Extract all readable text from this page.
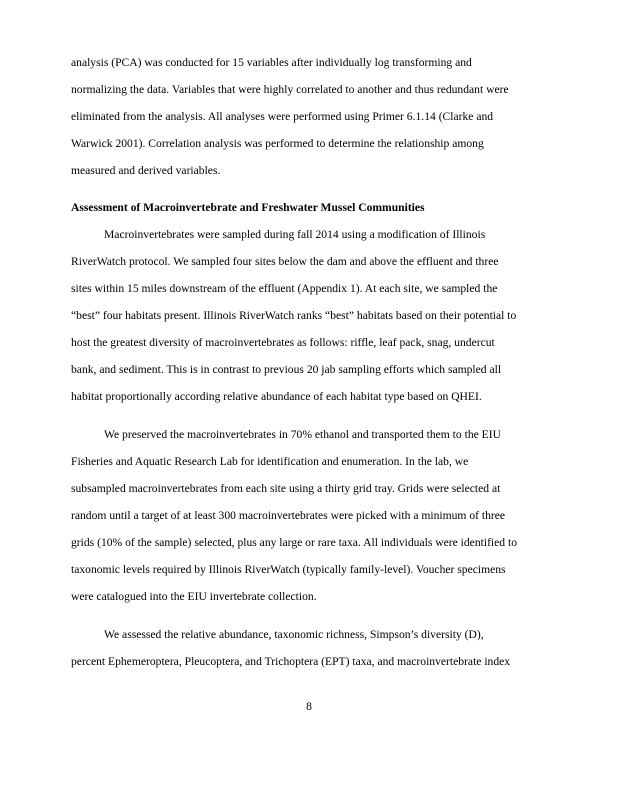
analysis (PCA) was conducted for 15 variables after individually log transforming and
normalizing the data. Variables that were highly correlated to another and thus redundant were
eliminated from the analysis. All analyses were performed using Primer 6.1.14 (Clarke and
Warwick 2001). Correlation analysis was performed to determine the relationship among
measured and derived variables.
Assessment of Macroinvertebrate and Freshwater Mussel Communities
Macroinvertebrates were sampled during fall 2014 using a modification of Illinois
RiverWatch protocol. We sampled four sites below the dam and above the effluent and three
sites within 15 miles downstream of the effluent (Appendix 1). At each site, we sampled the
“best” four habitats present. Illinois RiverWatch ranks “best” habitats based on their potential to
host the greatest diversity of macroinvertebrates as follows: riffle, leaf pack, snag, undercut
bank, and sediment. This is in contrast to previous 20 jab sampling efforts which sampled all
habitat proportionally according relative abundance of each habitat type based on QHEI.
We preserved the macroinvertebrates in 70% ethanol and transported them to the EIU
Fisheries and Aquatic Research Lab for identification and enumeration. In the lab, we
subsampled macroinvertebrates from each site using a thirty grid tray. Grids were selected at
random until a target of at least 300 macroinvertebrates were picked with a minimum of three
grids (10% of the sample) selected, plus any large or rare taxa. All individuals were identified to
taxonomic levels required by Illinois RiverWatch (typically family-level). Voucher specimens
were catalogued into the EIU invertebrate collection.
We assessed the relative abundance, taxonomic richness, Simpson’s diversity (D),
percent Ephemeroptera, Pleucoptera, and Trichoptera (EPT) taxa, and macroinvertebrate index
8
